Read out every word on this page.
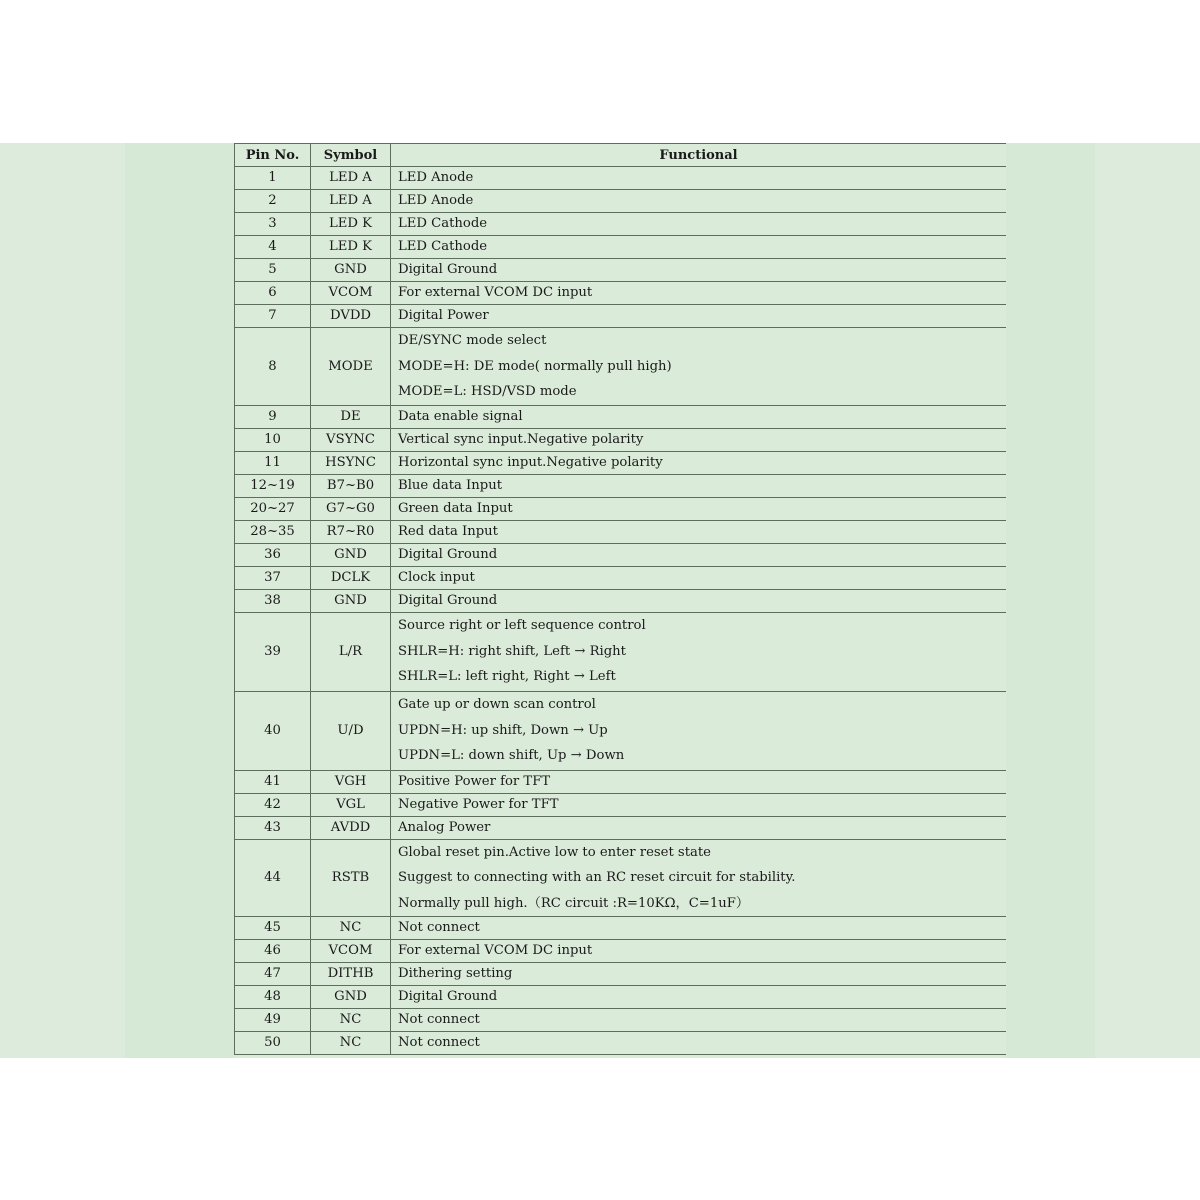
Pin No.	Symbol	Functional
1	LED A	LED Anode

2	LED A	LED Anode

3	LED K	LED Cathode

4	LED K	LED Cathode

5	GND	Digital Ground

6	VCOM	For external VCOM DC input

7	DVDD	Digital Power

8	MODE	DE/SYNC mode select
MODE=H: DE mode( normally pull high)
MODE=L: HSD/VSD mode

9	DE	Data enable signal

10	VSYNC	Vertical sync input.Negative polarity

11	HSYNC	Horizontal sync input.Negative polarity

12~19	B7~B0	Blue data Input

20~27	G7~G0	Green data Input

28~35	R7~R0	Red data Input

36	GND	Digital Ground

37	DCLK	Clock input

38	GND	Digital Ground

39	L/R	Source right or left sequence control
SHLR=H: right shift, Left → Right
SHLR=L: left right, Right → Left

40	U/D	Gate up or down scan control
UPDN=H: up shift, Down → Up
UPDN=L: down shift, Up → Down

41	VGH	Positive Power for TFT

42	VGL	Negative Power for TFT

43	AVDD	Analog Power

44	RSTB	Global reset pin.Active low to enter reset state
Suggest to connecting with an RC reset circuit for stability.
Normally pull high.（RC circuit :R=10KΩ，C=1uF）

45	NC	Not connect

46	VCOM	For external VCOM DC input

47	DITHB	Dithering setting

48	GND	Digital Ground

49	NC	Not connect

50	NC	Not connect
